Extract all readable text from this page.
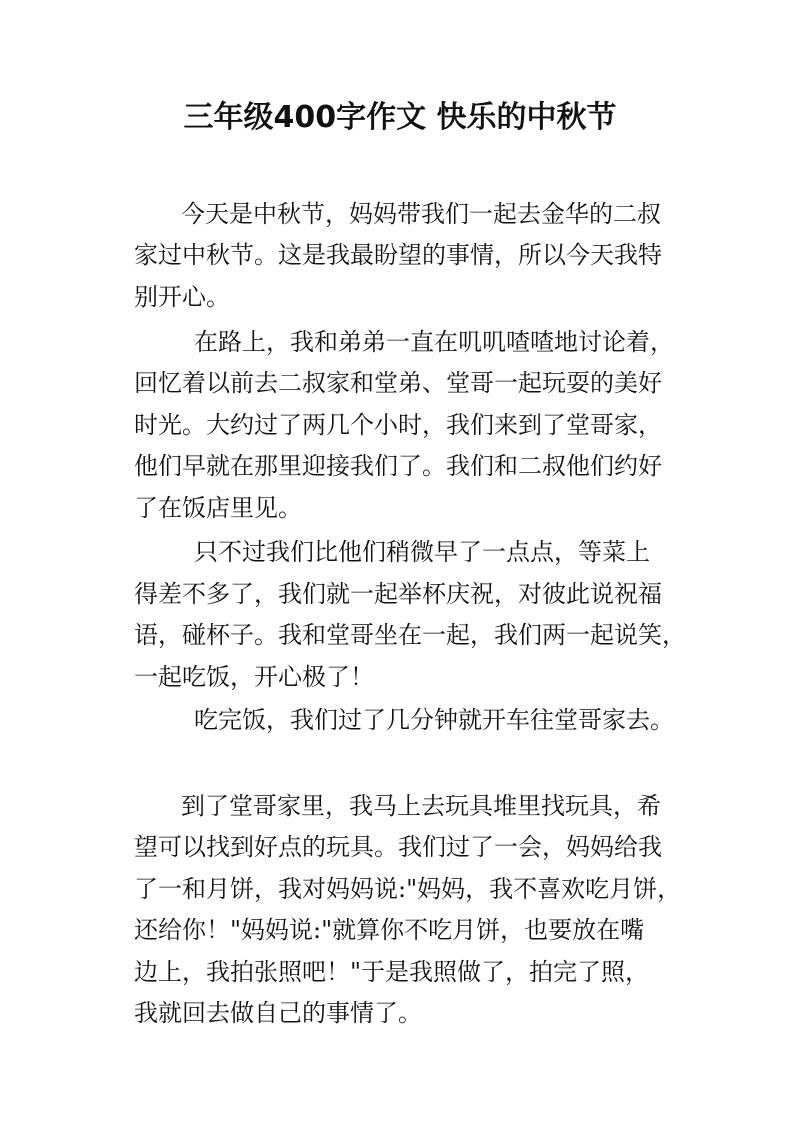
三年级400字作文 快乐的中秋节

今天是中秋节，妈妈带我们一起去金华的二叔

家过中秋节。这是我最盼望的事情，所以今天我特

别开心。

在路上，我和弟弟一直在叽叽喳喳地讨论着，

回忆着以前去二叔家和堂弟、堂哥一起玩耍的美好

时光。大约过了两几个小时，我们来到了堂哥家，

他们早就在那里迎接我们了。我们和二叔他们约好

了在饭店里见。

只不过我们比他们稍微早了一点点，等菜上

得差不多了，我们就一起举杯庆祝，对彼此说祝福

语，碰杯子。我和堂哥坐在一起，我们两一起说笑，

一起吃饭，开心极了！

吃完饭，我们过了几分钟就开车往堂哥家去。

到了堂哥家里，我马上去玩具堆里找玩具，希

望可以找到好点的玩具。我们过了一会，妈妈给我

了一和月饼，我对妈妈说:"妈妈，我不喜欢吃月饼，

还给你！"妈妈说:"就算你不吃月饼，也要放在嘴

边上，我拍张照吧！"于是我照做了，拍完了照，

我就回去做自己的事情了。
